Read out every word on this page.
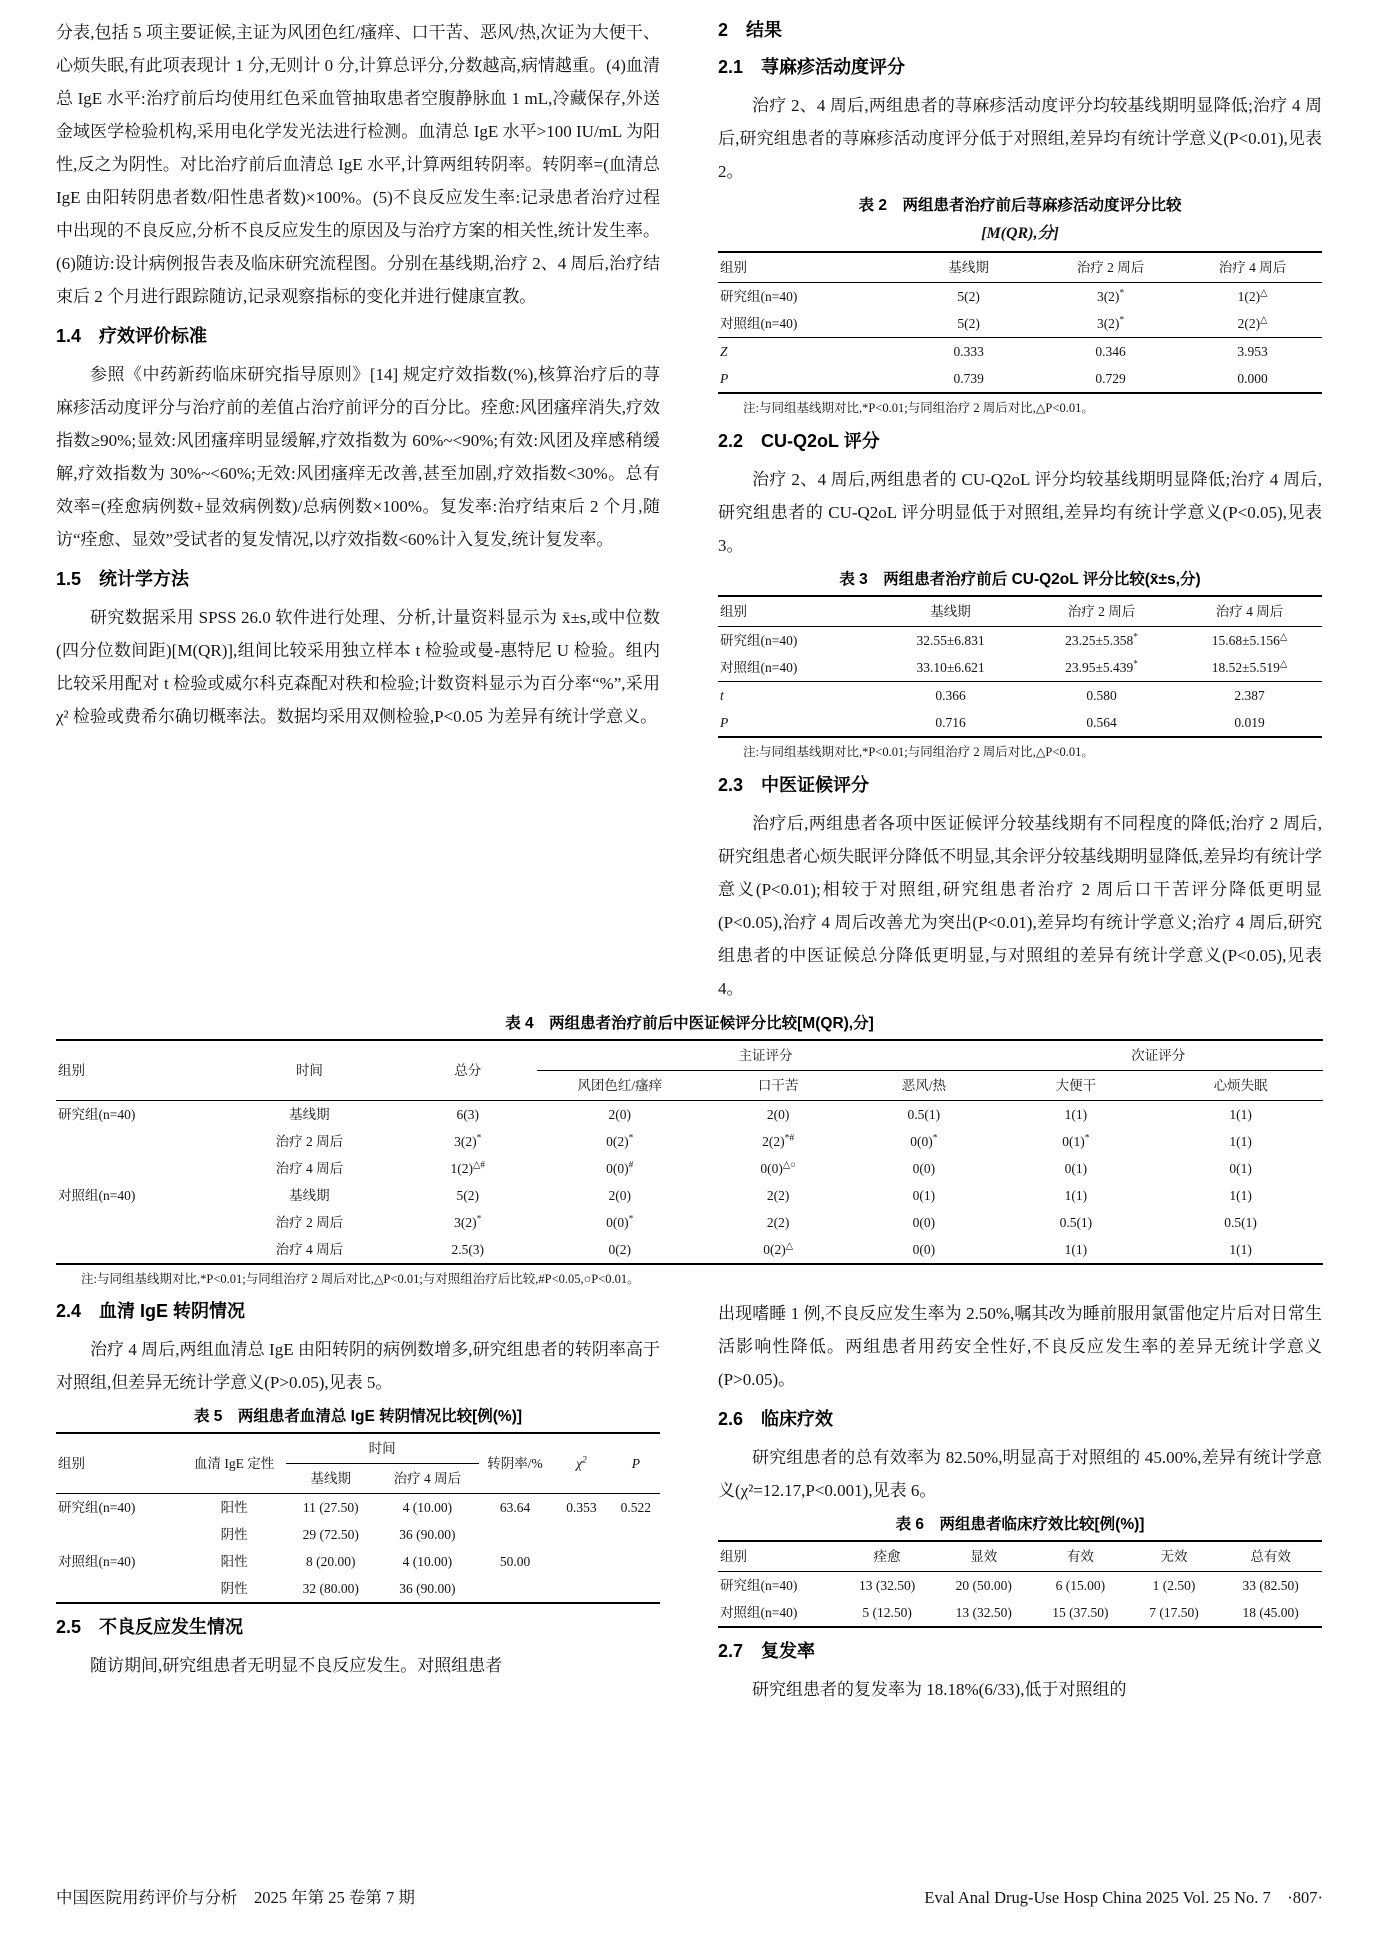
分表,包括 5 项主要证候,主证为风团色红/瘙痒、口干苦、恶风/热,次证为大便干、心烦失眠,有此项表现计 1 分,无则计 0 分,计算总评分,分数越高,病情越重。(4)血清总 IgE 水平:治疗前后均使用红色采血管抽取患者空腹静脉血 1 mL,冷藏保存,外送金域医学检验机构,采用电化学发光法进行检测。血清总 IgE 水平>100 IU/mL 为阳性,反之为阴性。对比治疗前后血清总 IgE 水平,计算两组转阴率。转阴率=(血清总 IgE 由阳转阴患者数/阳性患者数)×100%。(5)不良反应发生率:记录患者治疗过程中出现的不良反应,分析不良反应发生的原因及与治疗方案的相关性,统计发生率。(6)随访:设计病例报告表及临床研究流程图。分别在基线期,治疗 2、4 周后,治疗结束后 2 个月进行跟踪随访,记录观察指标的变化并进行健康宣教。

1.4　疗效评价标准

参照《中药新药临床研究指导原则》[14] 规定疗效指数(%),核算治疗后的荨麻疹活动度评分与治疗前的差值占治疗前评分的百分比。痊愈:风团瘙痒消失,疗效指数≥90%;显效:风团瘙痒明显缓解,疗效指数为 60%~<90%;有效:风团及痒感稍缓解,疗效指数为 30%~<60%;无效:风团瘙痒无改善,甚至加剧,疗效指数<30%。总有效率=(痊愈病例数+显效病例数)/总病例数×100%。复发率:治疗结束后 2 个月,随访“痊愈、显效”受试者的复发情况,以疗效指数<60%计入复发,统计复发率。

1.5　统计学方法

研究数据采用 SPSS 26.0 软件进行处理、分析,计量资料显示为 x̄±s,或中位数(四分位数间距)[M(QR)],组间比较采用独立样本 t 检验或曼-惠特尼 U 检验。组内比较采用配对 t 检验或威尔科克森配对秩和检验;计数资料显示为百分率“%”,采用χ² 检验或费希尔确切概率法。数据均采用双侧检验,P<0.05 为差异有统计学意义。

2　结果
2.1　荨麻疹活动度评分

治疗 2、4 周后,两组患者的荨麻疹活动度评分均较基线期明显降低;治疗 4 周后,研究组患者的荨麻疹活动度评分低于对照组,差异均有统计学意义(P<0.01),见表 2。

表 2　两组患者治疗前后荨麻疹活动度评分比较
[M(QR),分]
组别	基线期	治疗 2 周后	治疗 4 周后
研究组(n=40)	5(2)	3(2)*	1(2)△
对照组(n=40)	5(2)	3(2)*	2(2)△
Z	0.333	0.346	3.953
P	0.739	0.729	0.000
注:与同组基线期对比,*P<0.01;与同组治疗 2 周后对比,△P<0.01。
2.2　CU-Q2oL 评分

治疗 2、4 周后,两组患者的 CU-Q2oL 评分均较基线期明显降低;治疗 4 周后,研究组患者的 CU-Q2oL 评分明显低于对照组,差异均有统计学意义(P<0.05),见表 3。

表 3　两组患者治疗前后 CU-Q2oL 评分比较(x̄±s,分)
组别	基线期	治疗 2 周后	治疗 4 周后
研究组(n=40)	32.55±6.831	23.25±5.358*	15.68±5.156△
对照组(n=40)	33.10±6.621	23.95±5.439*	18.52±5.519△
t	0.366	0.580	2.387
P	0.716	0.564	0.019
注:与同组基线期对比,*P<0.01;与同组治疗 2 周后对比,△P<0.01。
2.3　中医证候评分

治疗后,两组患者各项中医证候评分较基线期有不同程度的降低;治疗 2 周后,研究组患者心烦失眠评分降低不明显,其余评分较基线期明显降低,差异均有统计学意义(P<0.01);相较于对照组,研究组患者治疗 2 周后口干苦评分降低更明显(P<0.05),治疗 4 周后改善尤为突出(P<0.01),差异均有统计学意义;治疗 4 周后,研究组患者的中医证候总分降低更明显,与对照组的差异有统计学意义(P<0.05),见表 4。

表 4　两组患者治疗前后中医证候评分比较[M(QR),分]
组别	时间	总分	主证评分			次证评分	
			风团色红/瘙痒	口干苦	恶风/热	大便干	心烦失眠
研究组(n=40)	基线期	6(3)	2(0)	2(0)	0.5(1)	1(1)	1(1)
	治疗 2 周后	3(2)*	0(2)*	2(2)*#	0(0)*	0(1)*	1(1)
	治疗 4 周后	1(2)△#	0(0)#	0(0)△○	0(0)	0(1)	0(1)
对照组(n=40)	基线期	5(2)	2(0)	2(2)	0(1)	1(1)	1(1)
	治疗 2 周后	3(2)*	0(0)*	2(2)	0(0)	0.5(1)	0.5(1)
	治疗 4 周后	2.5(3)	0(2)	0(2)△	0(0)	1(1)	1(1)
注:与同组基线期对比,*P<0.01;与同组治疗 2 周后对比,△P<0.01;与对照组治疗后比较,#P<0.05,○P<0.01。
2.4　血清 IgE 转阴情况

治疗 4 周后,两组血清总 IgE 由阳转阴的病例数增多,研究组患者的转阴率高于对照组,但差异无统计学意义(P>0.05),见表 5。

表 5　两组患者血清总 IgE 转阴情况比较[例(%)]
组别	血清 IgE 定性	时间		转阴率/%	$\chi^2$	P
		基线期	治疗 4 周后			
研究组(n=40)	阳性	11 (27.50)	4 (10.00)	63.64	0.353	0.522
	阴性	29 (72.50)	36 (90.00)			
对照组(n=40)	阳性	8 (20.00)	4 (10.00)	50.00		
	阴性	32 (80.00)	36 (90.00)			
2.5　不良反应发生情况

随访期间,研究组患者无明显不良反应发生。对照组患者

出现嗜睡 1 例,不良反应发生率为 2.50%,嘱其改为睡前服用氯雷他定片后对日常生活影响性降低。两组患者用药安全性好,不良反应发生率的差异无统计学意义(P>0.05)。

2.6　临床疗效

研究组患者的总有效率为 82.50%,明显高于对照组的 45.00%,差异有统计学意义(χ²=12.17,P<0.001),见表 6。

表 6　两组患者临床疗效比较[例(%)]
组别	痊愈	显效	有效	无效	总有效
研究组(n=40)	13 (32.50)	20 (50.00)	6 (15.00)	1 (2.50)	33 (82.50)
对照组(n=40)	5 (12.50)	13 (32.50)	15 (37.50)	7 (17.50)	18 (45.00)
2.7　复发率

研究组患者的复发率为 18.18%(6/33),低于对照组的

中国医院用药评价与分析　2025 年第 25 卷第 7 期	Eval Anal Drug-Use Hosp China 2025 Vol. 25 No. 7　·807·
